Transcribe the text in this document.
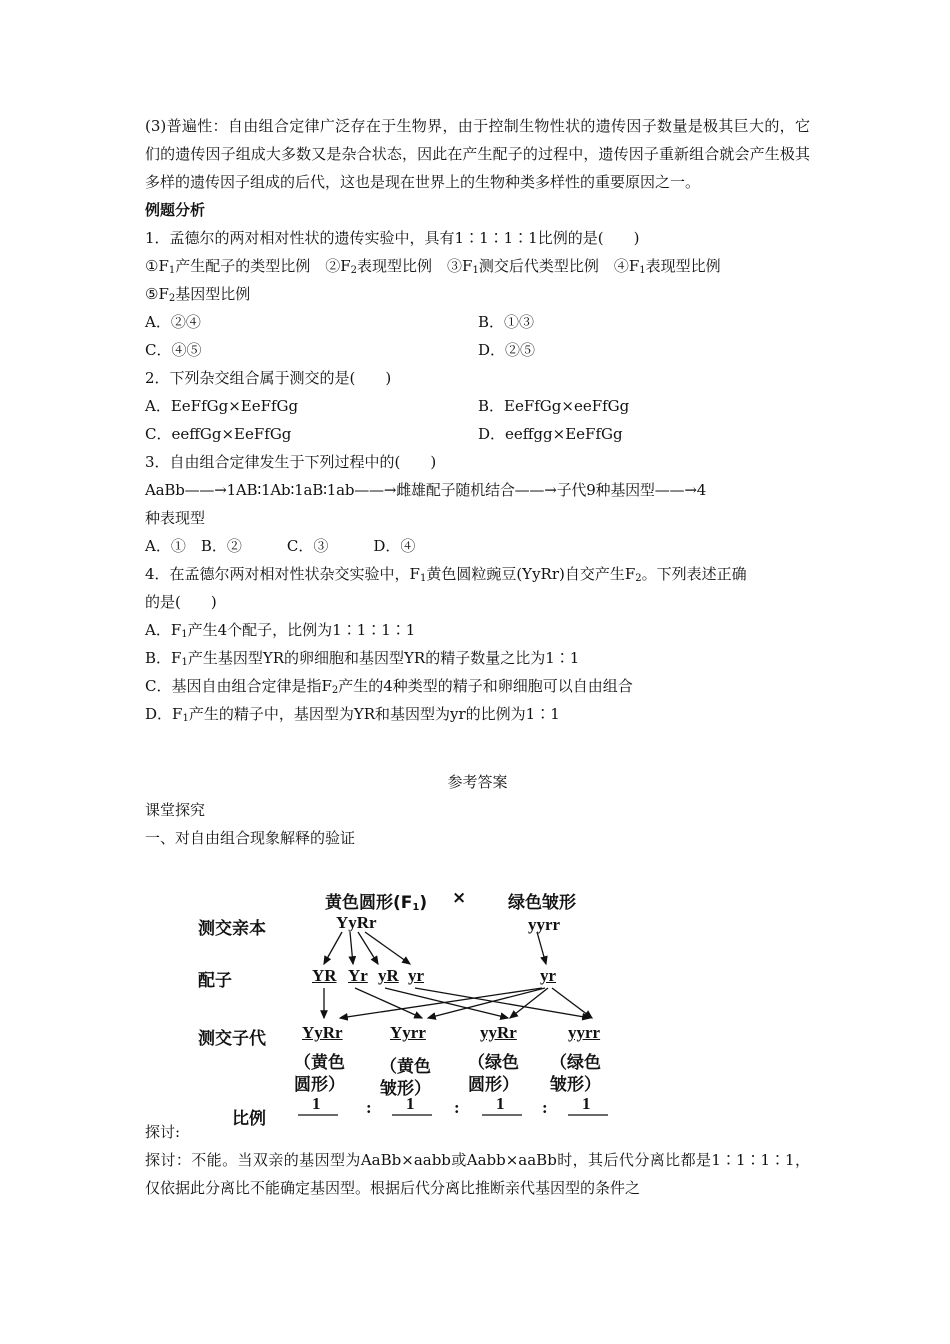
(3)普遍性：自由组合定律广泛存在于生物界，由于控制生物性状的遗传因子数量是极其巨大的，它们的遗传因子组成大多数又是杂合状态，因此在产生配子的过程中，遗传因子重新组合就会产生极其多样的遗传因子组成的后代，这也是现在世界上的生物种类多样性的重要原因之一。
例题分析
1．孟德尔的两对相对性状的遗传实验中，具有1∶1∶1∶1比例的是(　　)
$①F_1$产生配子的类型比例　$②F_2$表现型比例　$③F_1$测交后代类型比例　$④F_1$表现型比例
$⑤F_2$基因型比例
A．②④	B．①③
C．④⑤	D．②⑤
2．下列杂交组合属于测交的是(　　)
A．EeFfGg×EeFfGg	B．EeFfGg×eeFfGg
C．eeffGg×EeFfGg	D．eeffgg×EeFfGg
3．自由组合定律发生于下列过程中的(　　)
AaBb——→1AB∶1Ab∶1aB∶1ab——→雌雄配子随机结合——→子代9种基因型——→4
种表现型
A．①　B．②　　　C．③　　　D．④
4．在孟德尔两对相对性状杂交实验中，$F_1$黄色圆粒豌豆(YyRr)自交产生$F_2$。下列表述正确
的是(　　)
A．$F_1$产生4个配子，比例为1∶1∶1∶1
B．$F_1$产生基因型YR的卵细胞和基因型YR的精子数量之比为1∶1
C．基因自由组合定律是指$F_2$产生的4种类型的精子和卵细胞可以自由组合
D．$F_1$产生的精子中，基因型为YR和基因型为yr的比例为1∶1
参考答案
课堂探究
一、对自由组合现象解释的验证
黄色圆形$(F_1)$ × 绿色皱形
测交亲本	YyRr	yyrr
配子	YR Yr yR yr	yr
测交子代 YyRr	Yyrr	yyRr	yyrr
（黄色
圆形）
（黄色
皱形）
（绿色
圆形）
（绿色
皱形）
比例
1	: 1 : 1 : 1
探讨:
探讨：不能。当双亲的基因型为AaBb×aabb或Aabb×aaBb时，其后代分离比都是1∶1∶1∶1，仅依据此分离比不能确定基因型。根据后代分离比推断亲代基因型的条件之
